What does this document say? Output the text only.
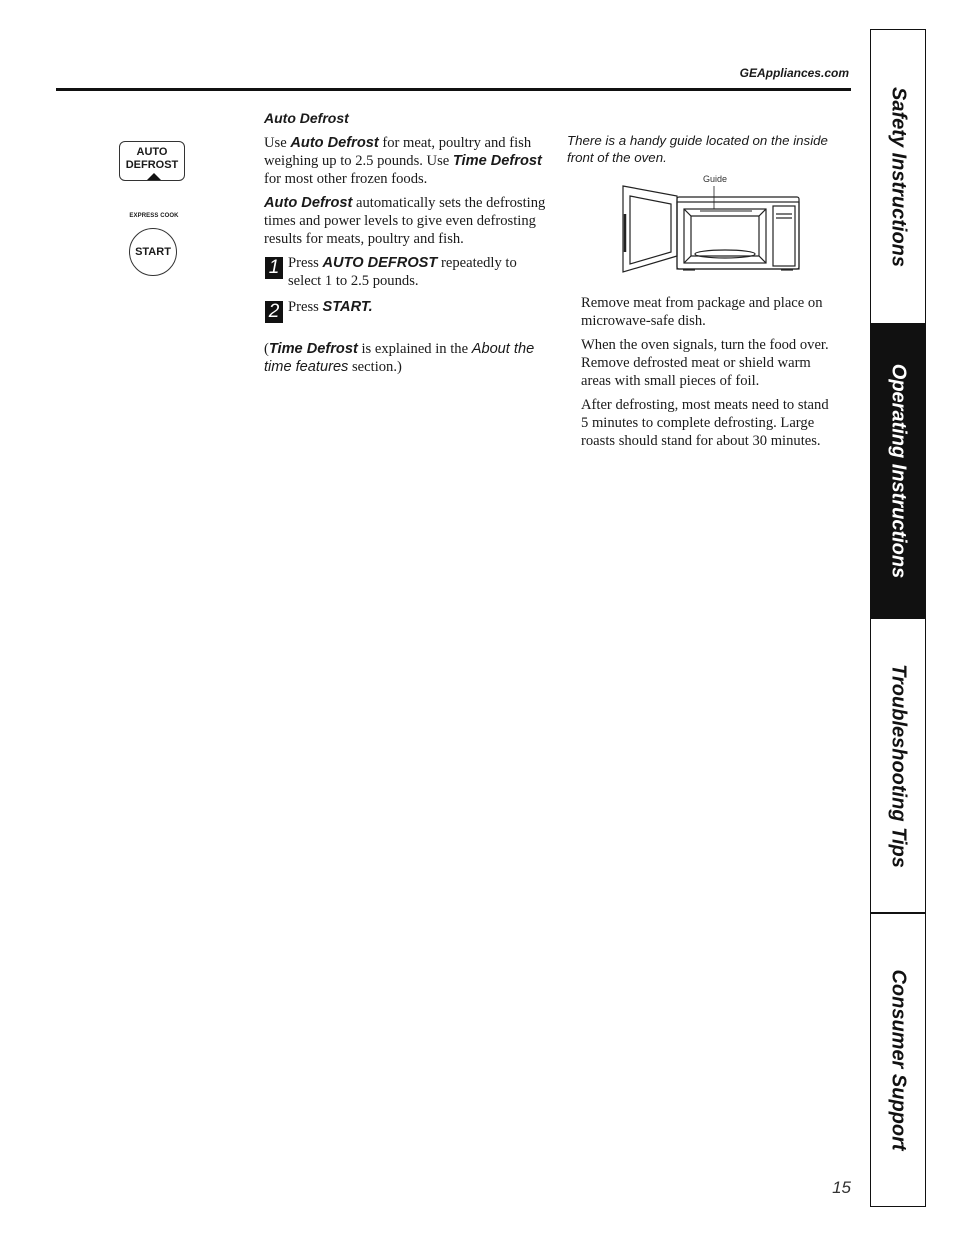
GEAppliances.com
AUTO
DEFROST
EXPRESS COOK
START

Auto Defrost

Use Auto Defrost for meat, poultry and fish weighing up to 2.5 pounds. Use Time Defrost for most other frozen foods.

Auto Defrost automatically sets the defrosting times and power levels to give even defrosting results for meats, poultry and fish.

1 Press AUTO DEFROST repeatedly to select 1 to 2.5 pounds.

2 Press START.

(Time Defrost is explained in the About the time features section.)

There is a handy guide located on the inside front of the oven.

Guide

Remove meat from package and place on microwave-safe dish.

When the oven signals, turn the food over. Remove defrosted meat or shield warm areas with small pieces of foil.

After defrosting, most meats need to stand 5 minutes to complete defrosting. Large roasts should stand for about 30 minutes.

Safety Instructions
Operating Instructions
Troubleshooting Tips
Consumer Support
15
